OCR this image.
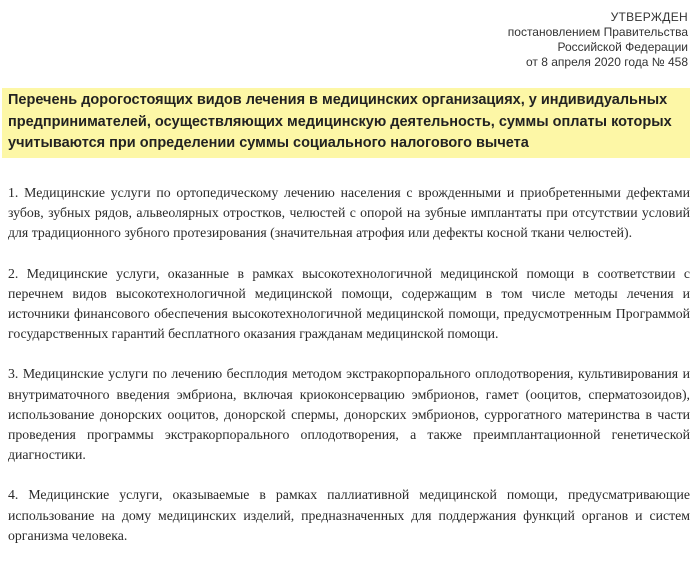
УТВЕРЖДЕН
постановлением Правительства
Российской Федерации
от 8 апреля 2020 года № 458
Перечень дорогостоящих видов лечения в медицинских организациях, у индивидуальных предпринимателей, осуществляющих медицинскую деятельность, суммы оплаты которых учитываются при определении суммы социального налогового вычета

1. Медицинские услуги по ортопедическому лечению населения с врожденными и приобретенными дефектами зубов, зубных рядов, альвеолярных отростков, челюстей с опорой на зубные имплантаты при отсутствии условий для традиционного зубного протезирования (значительная атрофия или дефекты косной ткани челюстей).

2. Медицинские услуги, оказанные в рамках высокотехнологичной медицинской помощи в соответствии с перечнем видов высокотехнологичной медицинской помощи, содержащим в том числе методы лечения и источники финансового обеспечения высокотехнологичной медицинской помощи, предусмотренным Программой государственных гарантий бесплатного оказания гражданам медицинской помощи.

3. Медицинские услуги по лечению бесплодия методом экстракорпорального оплодотворения, культивирования и внутриматочного введения эмбриона, включая криоконсервацию эмбрионов, гамет (ооцитов, сперматозоидов), использование донорских ооцитов, донорской спермы, донорских эмбрионов, суррогатного материнства в части проведения программы экстракорпорального оплодотворения, а также преимплантационной генетической диагностики.

4. Медицинские услуги, оказываемые в рамках паллиативной медицинской помощи, предусматривающие использование на дому медицинских изделий, предназначенных для поддержания функций органов и систем организма человека.
